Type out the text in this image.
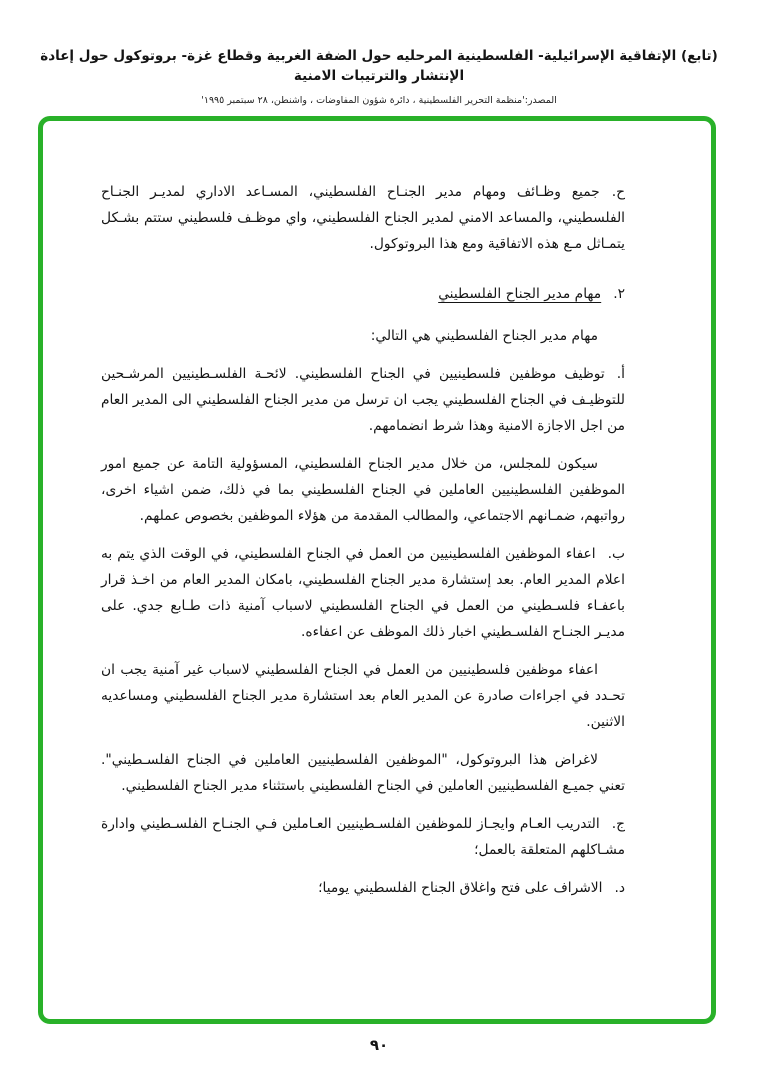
(تابع) الإتفاقية الإسرائيلية- الفلسطينية المرحليه حول الضفة الغربية وقطاع غزة- بروتوكول حول إعادة الإنتشار والترتيبات الامنية
المصدر:'منظمة التحرير الفلسطينية ، دائرة شؤون المفاوضات ، واشنطن، ٢٨ سبتمبر ١٩٩٥'

ح.جميع وظـائف ومهام مدير الجنـاح الفلسطيني، المسـاعد الاداري لمديـر الجنـاح الفلسطيني، والمساعد الامني لمدير الجناح الفلسطيني، واي موظـف فلسطيني ستتم بشـكل يتمـاثل مـع هذه الاتفاقية ومع هذا البروتوكول.

٢.مهام مدير الجناح الفلسطيني

مهام مدير الجناح الفلسطيني هي التالي:

أ.توظيف موظفين فلسطينيين في الجناح الفلسطيني. لائحـة الفلسـطينيين المرشـحين للتوظيـف في الجناح الفلسطيني يجب ان ترسل من مدير الجناح الفلسطيني الى المدير العام من اجل الاجازة الامنية وهذا شرط انضمامهم.

سيكون للمجلس، من خلال مدير الجناح الفلسطيني، المسؤولية التامة عن جميع امور الموظفين الفلسطينيين العاملين في الجناح الفلسطيني بما في ذلك، ضمن اشياء اخرى، رواتبهم، ضمـانهم الاجتماعي، والمطالب المقدمة من هؤلاء الموظفين بخصوص عملهم.

ب.اعفاء الموظفين الفلسطينيين من العمل في الجناح الفلسطيني، في الوقت الذي يتم به اعلام المدير العام. بعد إستشارة مدير الجناح الفلسطيني، بامكان المدير العام من اخـذ قرار باعفـاء فلسـطيني من العمل في الجناح الفلسطيني لاسباب آمنية ذات طـابع جدي. على مديـر الجنـاح الفلسـطيني اخبار ذلك الموظف عن اعفاءه.

اعفاء موظفين فلسطينيين من العمل في الجناح الفلسطيني لاسباب غير آمنية يجب ان تحـدد في اجراءات صادرة عن المدير العام بعد استشارة مدير الجناح الفلسطيني ومساعديه الاثنين.

لاغراض هذا البروتوكول، "الموظفين الفلسطينيين العاملين في الجناح الفلسـطيني". تعني جميـع الفلسطينيين العاملين في الجناح الفلسطيني باستثناء مدير الجناح الفلسطيني.

ج.التدريب العـام وايجـاز للموظفين الفلسـطينيين العـاملين فـي الجنـاح الفلسـطيني وادارة مشـاكلهم المتعلقة بالعمل؛

د.الاشراف على فتح واغلاق الجناح الفلسطيني يوميا؛

٩٠
